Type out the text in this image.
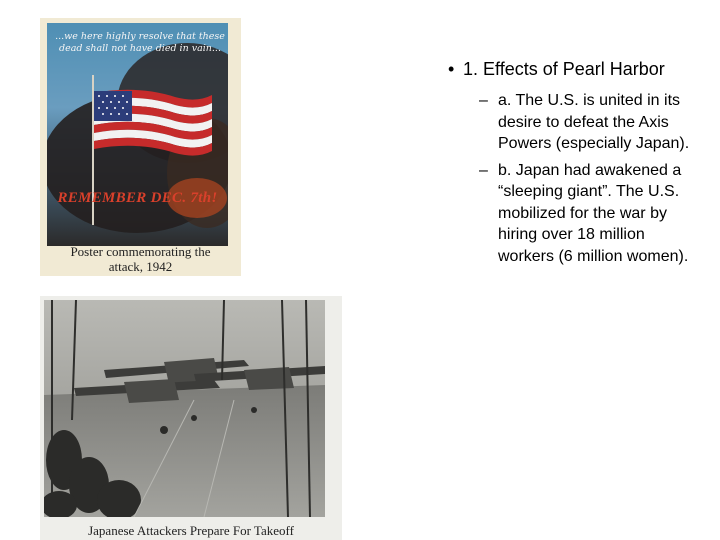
...we here highly resolve that these dead shall not have died in vain...
REMEMBER DEC. 7th!
Poster commemorating the
attack, 1942
Japanese Attackers Prepare For Takeoff
• 1. Effects of Pearl Harbor
– a. The U.S. is united in its desire to defeat the Axis Powers (especially Japan).
– b. Japan had awakened a “sleeping giant”. The U.S. mobilized for the war by hiring over 18 million workers (6 million women).
